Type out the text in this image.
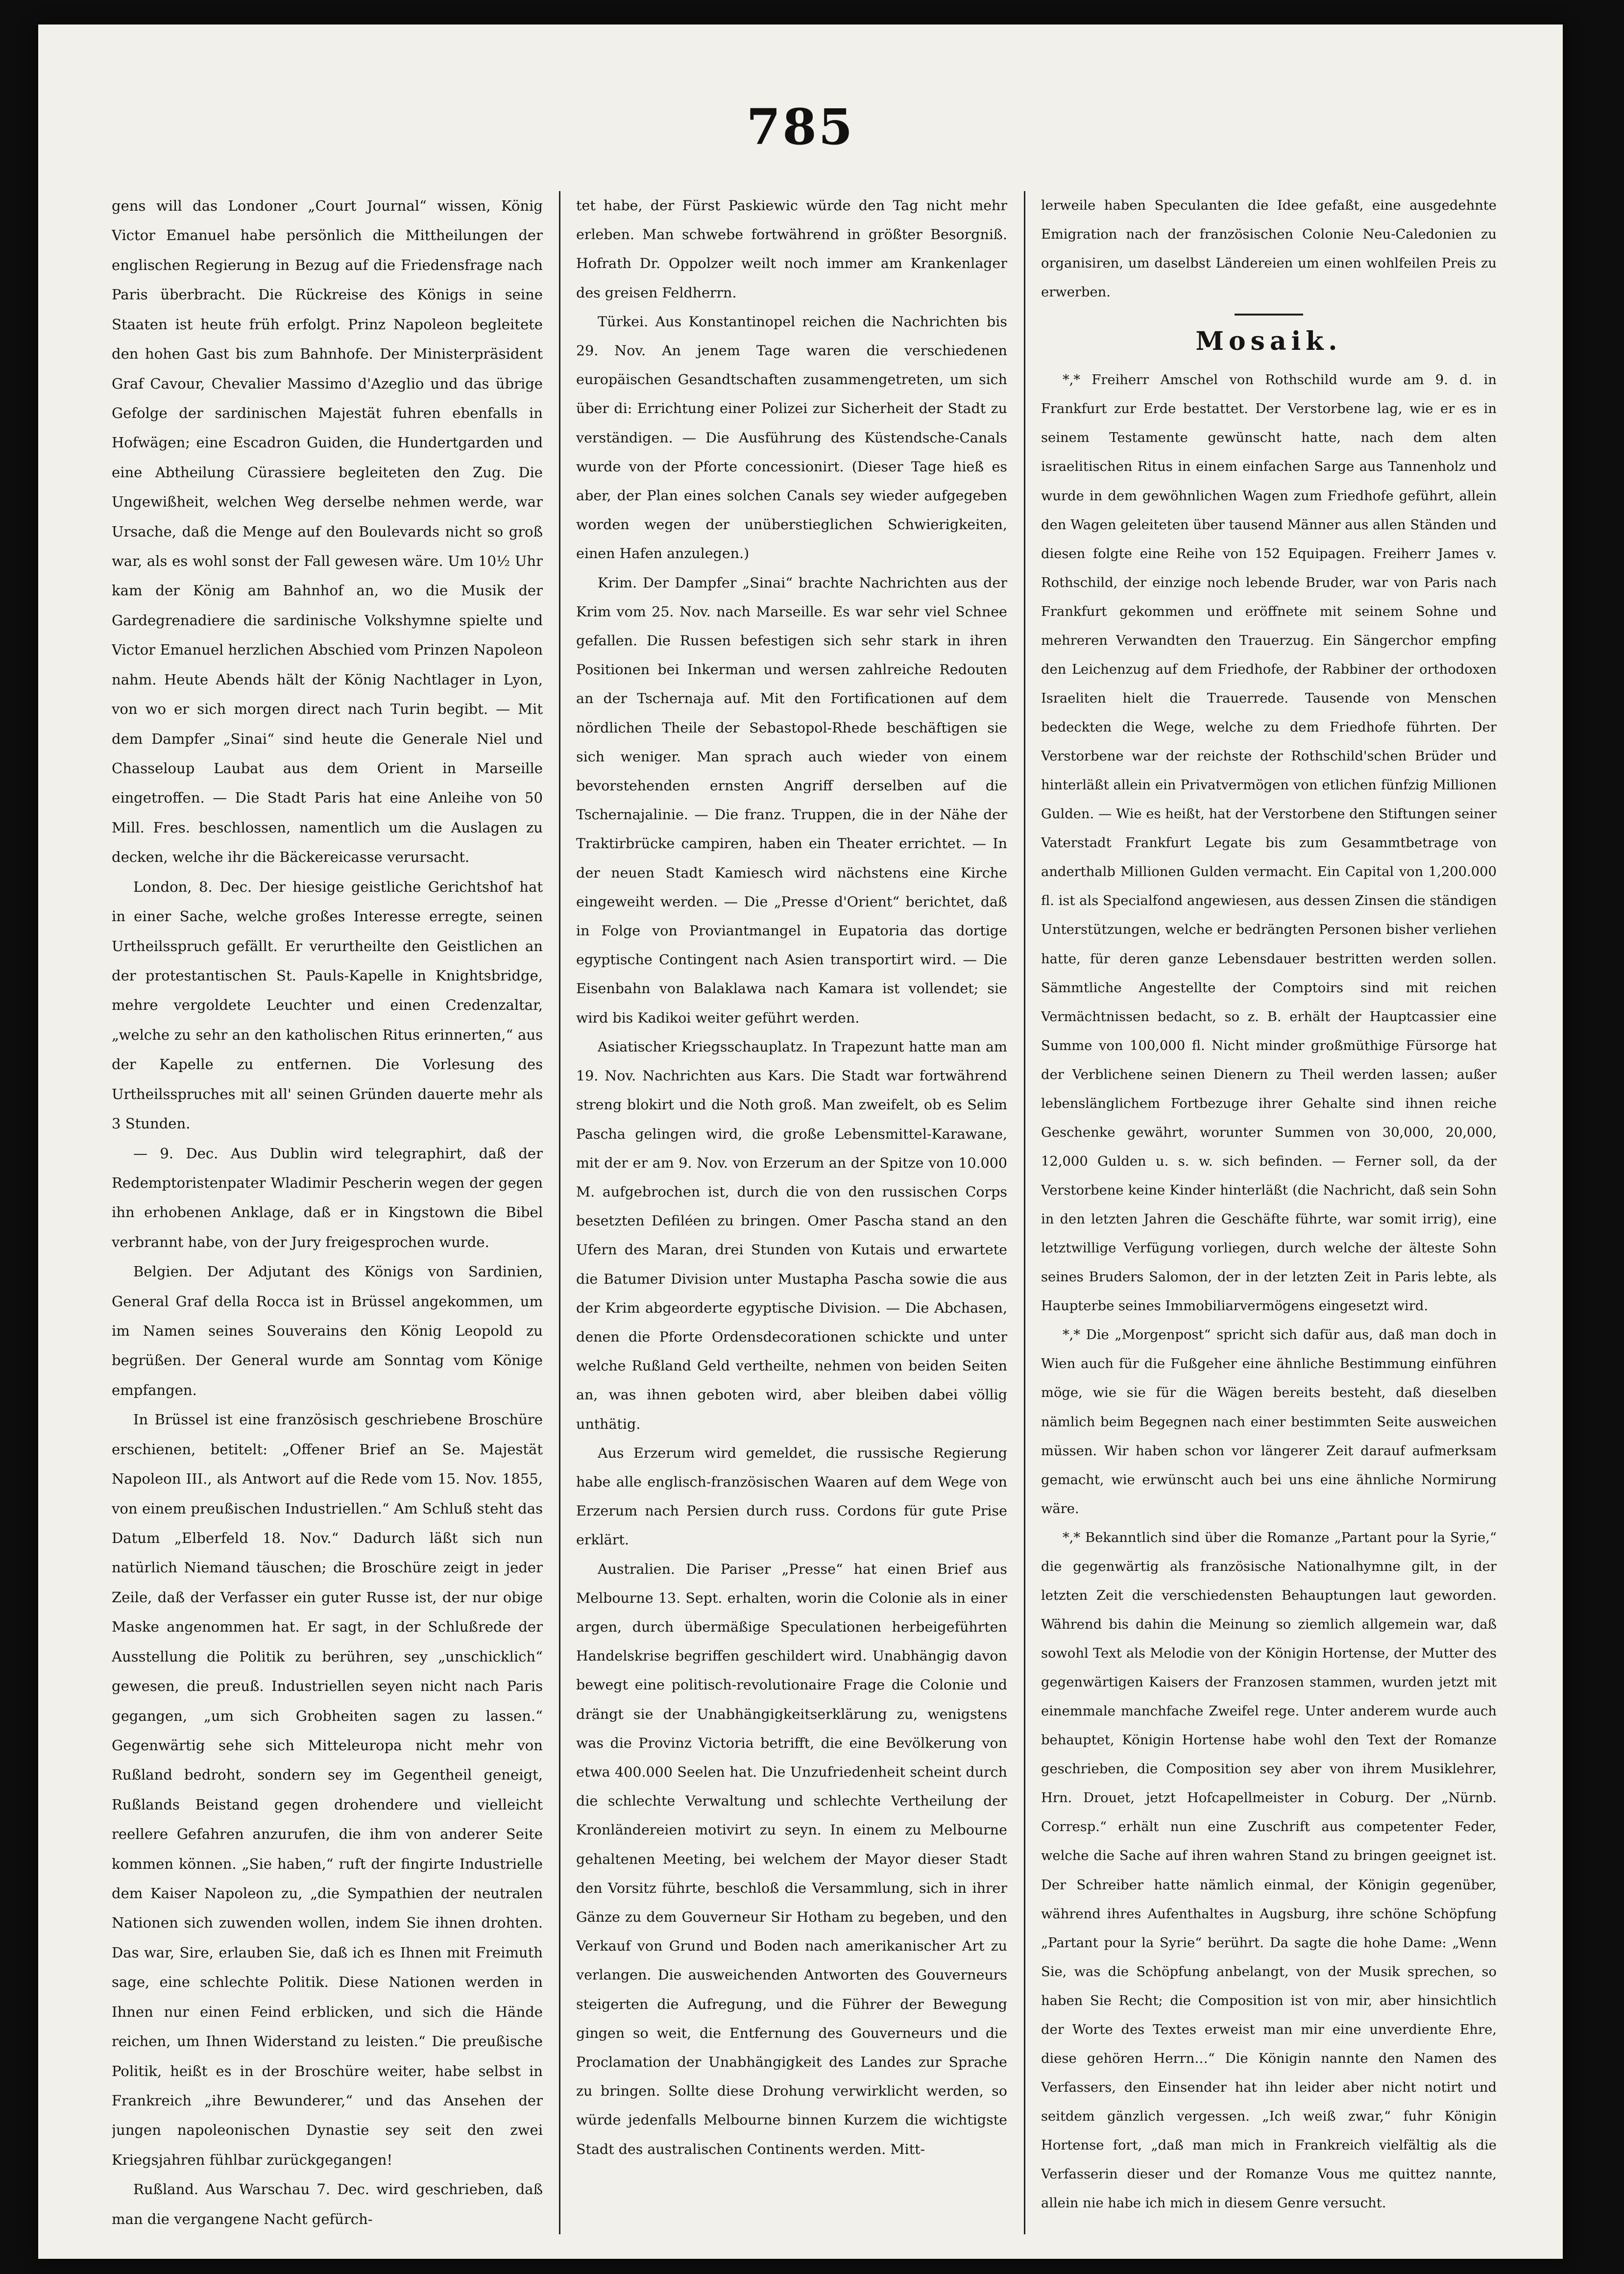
785

gens will das Londoner „Court Journal“ wissen, König Victor Emanuel habe persönlich die Mittheilungen der englischen Regierung in Bezug auf die Friedensfrage nach Paris überbracht. Die Rückreise des Königs in seine Staaten ist heute früh erfolgt. Prinz Napoleon begleitete den hohen Gast bis zum Bahnhofe. Der Ministerpräsident Graf Cavour, Chevalier Massimo d'Azeglio und das übrige Gefolge der sardinischen Majestät fuhren ebenfalls in Hofwägen; eine Escadron Guiden, die Hundertgarden und eine Abtheilung Cürassiere begleiteten den Zug. Die Ungewißheit, welchen Weg derselbe nehmen werde, war Ursache, daß die Menge auf den Boulevards nicht so groß war, als es wohl sonst der Fall gewesen wäre. Um 10½ Uhr kam der König am Bahnhof an, wo die Musik der Gardegrenadiere die sardinische Volkshymne spielte und Victor Emanuel herzlichen Abschied vom Prinzen Napoleon nahm. Heute Abends hält der König Nachtlager in Lyon, von wo er sich morgen direct nach Turin begibt. — Mit dem Dampfer „Sinai“ sind heute die Generale Niel und Chasseloup Laubat aus dem Orient in Marseille eingetroffen. — Die Stadt Paris hat eine Anleihe von 50 Mill. Fres. beschlossen, namentlich um die Auslagen zu decken, welche ihr die Bäckereicasse verursacht.

London, 8. Dec. Der hiesige geistliche Gerichtshof hat in einer Sache, welche großes Interesse erregte, seinen Urtheilsspruch gefällt. Er verurtheilte den Geistlichen an der protestantischen St. Pauls-Kapelle in Knightsbridge, mehre vergoldete Leuchter und einen Credenzaltar, „welche zu sehr an den katholischen Ritus erinnerten,“ aus der Kapelle zu entfernen. Die Vorlesung des Urtheilsspruches mit all' seinen Gründen dauerte mehr als 3 Stunden.

— 9. Dec. Aus Dublin wird telegraphirt, daß der Redemptoristenpater Wladimir Pescherin wegen der gegen ihn erhobenen Anklage, daß er in Kingstown die Bibel verbrannt habe, von der Jury freigesprochen wurde.

Belgien. Der Adjutant des Königs von Sardinien, General Graf della Rocca ist in Brüssel angekommen, um im Namen seines Souverains den König Leopold zu begrüßen. Der General wurde am Sonntag vom Könige empfangen.

In Brüssel ist eine französisch geschriebene Broschüre erschienen, betitelt: „Offener Brief an Se. Majestät Napoleon III., als Antwort auf die Rede vom 15. Nov. 1855, von einem preußischen Industriellen.“ Am Schluß steht das Datum „Elberfeld 18. Nov.“ Dadurch läßt sich nun natürlich Niemand täuschen; die Broschüre zeigt in jeder Zeile, daß der Verfasser ein guter Russe ist, der nur obige Maske angenommen hat. Er sagt, in der Schlußrede der Ausstellung die Politik zu berühren, sey „unschicklich“ gewesen, die preuß. Industriellen seyen nicht nach Paris gegangen, „um sich Grobheiten sagen zu lassen.“ Gegenwärtig sehe sich Mitteleuropa nicht mehr von Rußland bedroht, sondern sey im Gegentheil geneigt, Rußlands Beistand gegen drohendere und vielleicht reellere Gefahren anzurufen, die ihm von anderer Seite kommen können. „Sie haben,“ ruft der fingirte Industrielle dem Kaiser Napoleon zu, „die Sympathien der neutralen Nationen sich zuwenden wollen, indem Sie ihnen drohten. Das war, Sire, erlauben Sie, daß ich es Ihnen mit Freimuth sage, eine schlechte Politik. Diese Nationen werden in Ihnen nur einen Feind erblicken, und sich die Hände reichen, um Ihnen Widerstand zu leisten.“ Die preußische Politik, heißt es in der Broschüre weiter, habe selbst in Frankreich „ihre Bewunderer,“ und das Ansehen der jungen napoleonischen Dynastie sey seit den zwei Kriegsjahren fühlbar zurückgegangen!

Rußland. Aus Warschau 7. Dec. wird geschrieben, daß man die vergangene Nacht gefürch-

tet habe, der Fürst Paskiewic würde den Tag nicht mehr erleben. Man schwebe fortwährend in größter Besorgniß. Hofrath Dr. Oppolzer weilt noch immer am Krankenlager des greisen Feldherrn.

Türkei. Aus Konstantinopel reichen die Nachrichten bis 29. Nov. An jenem Tage waren die verschiedenen europäischen Gesandtschaften zusammengetreten, um sich über di: Errichtung einer Polizei zur Sicherheit der Stadt zu verständigen. — Die Ausführung des Küstendsche-Canals wurde von der Pforte concessionirt. (Dieser Tage hieß es aber, der Plan eines solchen Canals sey wieder aufgegeben worden wegen der unüberstieglichen Schwierigkeiten, einen Hafen anzulegen.)

Krim. Der Dampfer „Sinai“ brachte Nachrichten aus der Krim vom 25. Nov. nach Marseille. Es war sehr viel Schnee gefallen. Die Russen befestigen sich sehr stark in ihren Positionen bei Inkerman und wersen zahlreiche Redouten an der Tschernaja auf. Mit den Fortificationen auf dem nördlichen Theile der Sebastopol-Rhede beschäftigen sie sich weniger. Man sprach auch wieder von einem bevorstehenden ernsten Angriff derselben auf die Tschernajalinie. — Die franz. Truppen, die in der Nähe der Traktirbrücke campiren, haben ein Theater errichtet. — In der neuen Stadt Kamiesch wird nächstens eine Kirche eingeweiht werden. — Die „Presse d'Orient“ berichtet, daß in Folge von Proviantmangel in Eupatoria das dortige egyptische Contingent nach Asien transportirt wird. — Die Eisenbahn von Balaklawa nach Kamara ist vollendet; sie wird bis Kadikoi weiter geführt werden.

Asiatischer Kriegsschauplatz. In Trapezunt hatte man am 19. Nov. Nachrichten aus Kars. Die Stadt war fortwährend streng blokirt und die Noth groß. Man zweifelt, ob es Selim Pascha gelingen wird, die große Lebensmittel-Karawane, mit der er am 9. Nov. von Erzerum an der Spitze von 10.000 M. aufgebrochen ist, durch die von den russischen Corps besetzten Defiléen zu bringen. Omer Pascha stand an den Ufern des Maran, drei Stunden von Kutais und erwartete die Batumer Division unter Mustapha Pascha sowie die aus der Krim abgeorderte egyptische Division. — Die Abchasen, denen die Pforte Ordensdecorationen schickte und unter welche Rußland Geld vertheilte, nehmen von beiden Seiten an, was ihnen geboten wird, aber bleiben dabei völlig unthätig.

Aus Erzerum wird gemeldet, die russische Regierung habe alle englisch-französischen Waaren auf dem Wege von Erzerum nach Persien durch russ. Cordons für gute Prise erklärt.

Australien. Die Pariser „Presse“ hat einen Brief aus Melbourne 13. Sept. erhalten, worin die Colonie als in einer argen, durch übermäßige Speculationen herbeigeführten Handelskrise begriffen geschildert wird. Unabhängig davon bewegt eine politisch-revolutionaire Frage die Colonie und drängt sie der Unabhängigkeitserklärung zu, wenigstens was die Provinz Victoria betrifft, die eine Bevölkerung von etwa 400.000 Seelen hat. Die Unzufriedenheit scheint durch die schlechte Verwaltung und schlechte Vertheilung der Kronländereien motivirt zu seyn. In einem zu Melbourne gehaltenen Meeting, bei welchem der Mayor dieser Stadt den Vorsitz führte, beschloß die Versammlung, sich in ihrer Gänze zu dem Gouverneur Sir Hotham zu begeben, und den Verkauf von Grund und Boden nach amerikanischer Art zu verlangen. Die ausweichenden Antworten des Gouverneurs steigerten die Aufregung, und die Führer der Bewegung gingen so weit, die Entfernung des Gouverneurs und die Proclamation der Unabhängigkeit des Landes zur Sprache zu bringen. Sollte diese Drohung verwirklicht werden, so würde jedenfalls Melbourne binnen Kurzem die wichtigste Stadt des australischen Continents werden. Mitt-

lerweile haben Speculanten die Idee gefaßt, eine ausgedehnte Emigration nach der französischen Colonie Neu-Caledonien zu organisiren, um daselbst Ländereien um einen wohlfeilen Preis zu erwerben.

Mosaik.

*,* Freiherr Amschel von Rothschild wurde am 9. d. in Frankfurt zur Erde bestattet. Der Verstorbene lag, wie er es in seinem Testamente gewünscht hatte, nach dem alten israelitischen Ritus in einem einfachen Sarge aus Tannenholz und wurde in dem gewöhnlichen Wagen zum Friedhofe geführt, allein den Wagen geleiteten über tausend Männer aus allen Ständen und diesen folgte eine Reihe von 152 Equipagen. Freiherr James v. Rothschild, der einzige noch lebende Bruder, war von Paris nach Frankfurt gekommen und eröffnete mit seinem Sohne und mehreren Verwandten den Trauerzug. Ein Sängerchor empfing den Leichenzug auf dem Friedhofe, der Rabbiner der orthodoxen Israeliten hielt die Trauerrede. Tausende von Menschen bedeckten die Wege, welche zu dem Friedhofe führten. Der Verstorbene war der reichste der Rothschild'schen Brüder und hinterläßt allein ein Privatvermögen von etlichen fünfzig Millionen Gulden. — Wie es heißt, hat der Verstorbene den Stiftungen seiner Vaterstadt Frankfurt Legate bis zum Gesammtbetrage von anderthalb Millionen Gulden vermacht. Ein Capital von 1,200.000 fl. ist als Specialfond angewiesen, aus dessen Zinsen die ständigen Unterstützungen, welche er bedrängten Personen bisher verliehen hatte, für deren ganze Lebensdauer bestritten werden sollen. Sämmtliche Angestellte der Comptoirs sind mit reichen Vermächtnissen bedacht, so z. B. erhält der Hauptcassier eine Summe von 100,000 fl. Nicht minder großmüthige Fürsorge hat der Verblichene seinen Dienern zu Theil werden lassen; außer lebenslänglichem Fortbezuge ihrer Gehalte sind ihnen reiche Geschenke gewährt, worunter Summen von 30,000, 20,000, 12,000 Gulden u. s. w. sich befinden. — Ferner soll, da der Verstorbene keine Kinder hinterläßt (die Nachricht, daß sein Sohn in den letzten Jahren die Geschäfte führte, war somit irrig), eine letztwillige Verfügung vorliegen, durch welche der älteste Sohn seines Bruders Salomon, der in der letzten Zeit in Paris lebte, als Haupterbe seines Immobiliarvermögens eingesetzt wird.

*,* Die „Morgenpost“ spricht sich dafür aus, daß man doch in Wien auch für die Fußgeher eine ähnliche Bestimmung einführen möge, wie sie für die Wägen bereits besteht, daß dieselben nämlich beim Begegnen nach einer bestimmten Seite ausweichen müssen. Wir haben schon vor längerer Zeit darauf aufmerksam gemacht, wie erwünscht auch bei uns eine ähnliche Normirung wäre.

*,* Bekanntlich sind über die Romanze „Partant pour la Syrie,“ die gegenwärtig als französische Nationalhymne gilt, in der letzten Zeit die verschiedensten Behauptungen laut geworden. Während bis dahin die Meinung so ziemlich allgemein war, daß sowohl Text als Melodie von der Königin Hortense, der Mutter des gegenwärtigen Kaisers der Franzosen stammen, wurden jetzt mit einemmale manchfache Zweifel rege. Unter anderem wurde auch behauptet, Königin Hortense habe wohl den Text der Romanze geschrieben, die Composition sey aber von ihrem Musiklehrer, Hrn. Drouet, jetzt Hofcapellmeister in Coburg. Der „Nürnb. Corresp.“ erhält nun eine Zuschrift aus competenter Feder, welche die Sache auf ihren wahren Stand zu bringen geeignet ist. Der Schreiber hatte nämlich einmal, der Königin gegenüber, während ihres Aufenthaltes in Augsburg, ihre schöne Schöpfung „Partant pour la Syrie“ berührt. Da sagte die hohe Dame: „Wenn Sie, was die Schöpfung anbelangt, von der Musik sprechen, so haben Sie Recht; die Composition ist von mir, aber hinsichtlich der Worte des Textes erweist man mir eine unverdiente Ehre, diese gehören Herrn…“ Die Königin nannte den Namen des Verfassers, den Einsender hat ihn leider aber nicht notirt und seitdem gänzlich vergessen. „Ich weiß zwar,“ fuhr Königin Hortense fort, „daß man mich in Frankreich vielfältig als die Verfasserin dieser und der Romanze Vous me quittez nannte, allein nie habe ich mich in diesem Genre versucht.
